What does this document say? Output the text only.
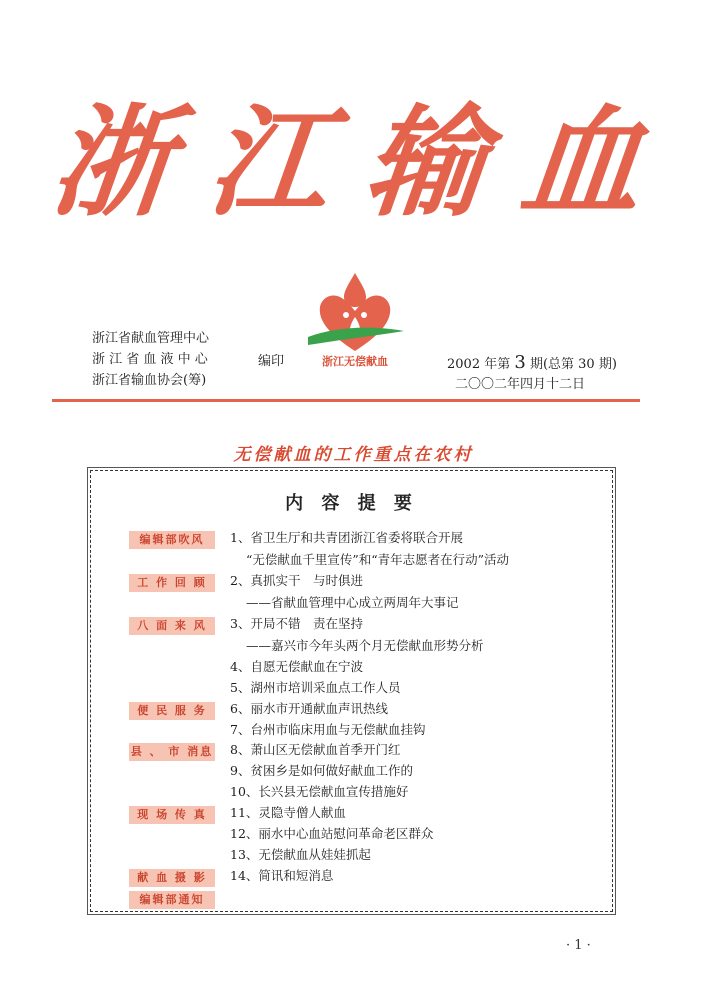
浙 江 输 血
浙江无偿献血
浙江省献血管理中心
浙 江 省 血 液 中 心
浙江省输血协会(筹)
编印	2002 年第 3 期(总第 30 期)
二〇〇二年四月十二日
无偿献血的工作重点在农村
内 容 提 要
编辑部吹风	1、省卫生厅和共青团浙江省委将联合开展
“无偿献血千里宣传”和“青年志愿者在行动”活动
工 作 回 顾	2、真抓实干　与时俱进
——省献血管理中心成立两周年大事记
八 面 来 风	3、开局不错　责在坚持
——嘉兴市今年头两个月无偿献血形势分析
4、自愿无偿献血在宁波
5、湖州市培训采血点工作人员
便 民 服 务	6、丽水市开通献血声讯热线
7、台州市临床用血与无偿献血挂钩
县 、 市 消息 8、萧山区无偿献血首季开门红
9、贫困乡是如何做好献血工作的
10、长兴县无偿献血宣传措施好
现 场 传 真	11、灵隐寺僧人献血
12、丽水中心血站慰问革命老区群众
13、无偿献血从娃娃抓起
献 血 摄 影	14、简讯和短消息
编辑部通知
· 1 ·
